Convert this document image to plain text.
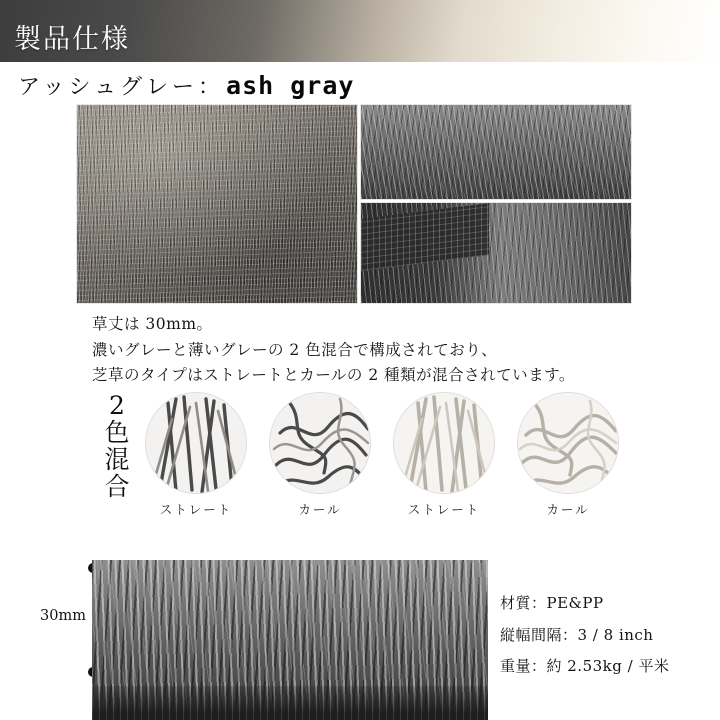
製品仕様
アッシュグレー ： ash gray
草丈は 30mm。
濃いグレーと薄いグレーの 2 色混合で構成されており、
芝草のタイプはストレートとカールの 2 種類が混合されています。
2
色
混
合
ストレート	カール	ストレート	カール
30mm
材質：PE&PP
縦幅間隔：3 / 8 inch
重量：約 2.53kg / 平米
